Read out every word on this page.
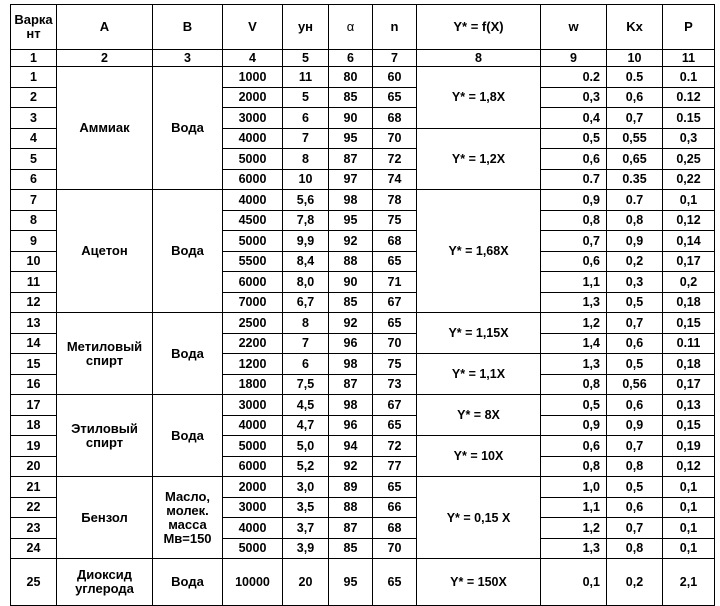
Варка нт	A	B	V	yн	α	n	Y* = f(X)	w	Kx	P
1	2	3	4	5	6	7	8	9	10	11
1	Аммиак	Вода	1000	11	80	60	Y* = 1,8X	0.2	0.5	0.1
2			2000	5	85	65		0,3	0,6	0.12
3			3000	6	90	68		0,4	0,7	0.15
4			4000	7	95	70	Y* = 1,2X	0,5	0,55	0,3
5			5000	8	87	72		0,6	0,65	0,25
6			6000	10	97	74		0.7	0.35	0,22
7	Ацетон	Вода	4000	5,6	98	78	Y* = 1,68X	0,9	0.7	0,1
8			4500	7,8	95	75		0,8	0,8	0,12
9			5000	9,9	92	68		0,7	0,9	0,14
10			5500	8,4	88	65		0,6	0,2	0,17
11			6000	8,0	90	71		1,1	0,3	0,2
12			7000	6,7	85	67		1,3	0,5	0,18
13	Метиловый спирт	Вода	2500	8	92	65	Y* = 1,15X	1,2	0,7	0,15
14			2200	7	96	70		1,4	0,6	0.11
15			1200	6	98	75	Y* = 1,1X	1,3	0,5	0,18
16			1800	7,5	87	73		0,8	0,56	0,17
17	Этиловый спирт	Вода	3000	4,5	98	67	Y* = 8X	0,5	0,6	0,13
18			4000	4,7	96	65		0,9	0,9	0,15
19			5000	5,0	94	72	Y* = 10X	0,6	0,7	0,19
20			6000	5,2	92	77		0,8	0,8	0,12
21	Бензол	Масло, молек. масса Мв=150	2000	3,0	89	65	Y* = 0,15 X	1,0	0,5	0,1
22			3000	3,5	88	66		1,1	0,6	0,1
23			4000	3,7	87	68		1,2	0,7	0,1
24			5000	3,9	85	70		1,3	0,8	0,1
25	Диоксид углерода	Вода	10000	20	95	65	Y* = 150X	0,1	0,2	2,1
